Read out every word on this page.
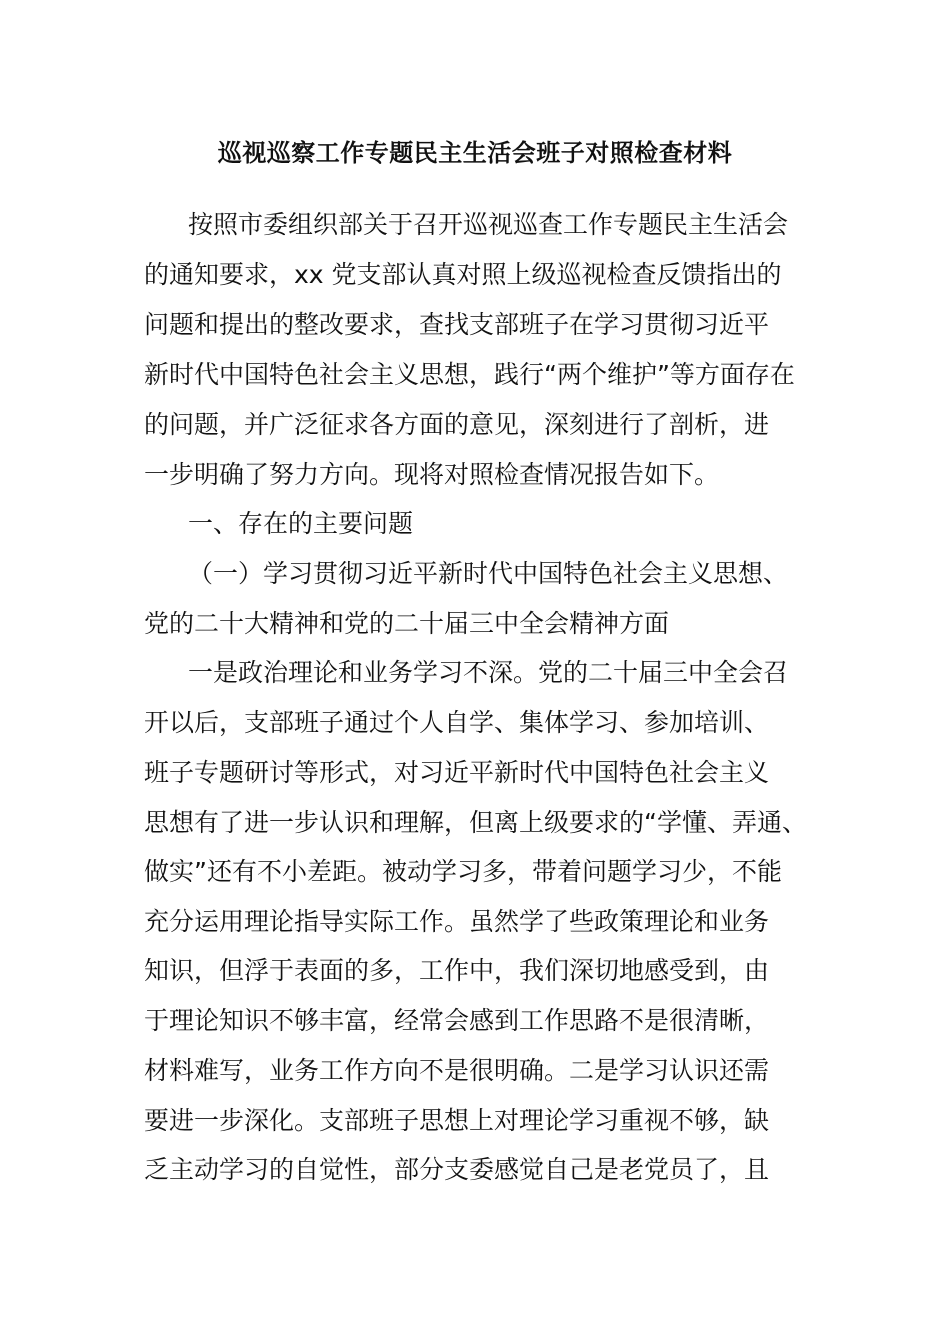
巡视巡察工作专题民主生活会班子对照检查材料

按照市委组织部关于召开巡视巡查工作专题民主生活会

的通知要求，xx 党支部认真对照上级巡视检查反馈指出的

问题和提出的整改要求，查找支部班子在学习贯彻习近平

新时代中国特色社会主义思想，践行“两个维护”等方面存在

的问题，并广泛征求各方面的意见，深刻进行了剖析，进

一步明确了努力方向。现将对照检查情况报告如下。

一、存在的主要问题

（一）学习贯彻习近平新时代中国特色社会主义思想、

党的二十大精神和党的二十届三中全会精神方面

一是政治理论和业务学习不深。党的二十届三中全会召

开以后，支部班子通过个人自学、集体学习、参加培训、

班子专题研讨等形式，对习近平新时代中国特色社会主义

思想有了进一步认识和理解，但离上级要求的“学懂、弄通、

做实”还有不小差距。被动学习多，带着问题学习少，不能

充分运用理论指导实际工作。虽然学了些政策理论和业务

知识，但浮于表面的多，工作中，我们深切地感受到，由

于理论知识不够丰富，经常会感到工作思路不是很清晰，

材料难写，业务工作方向不是很明确。二是学习认识还需

要进一步深化。支部班子思想上对理论学习重视不够，缺

乏主动学习的自觉性，部分支委感觉自己是老党员了，且
